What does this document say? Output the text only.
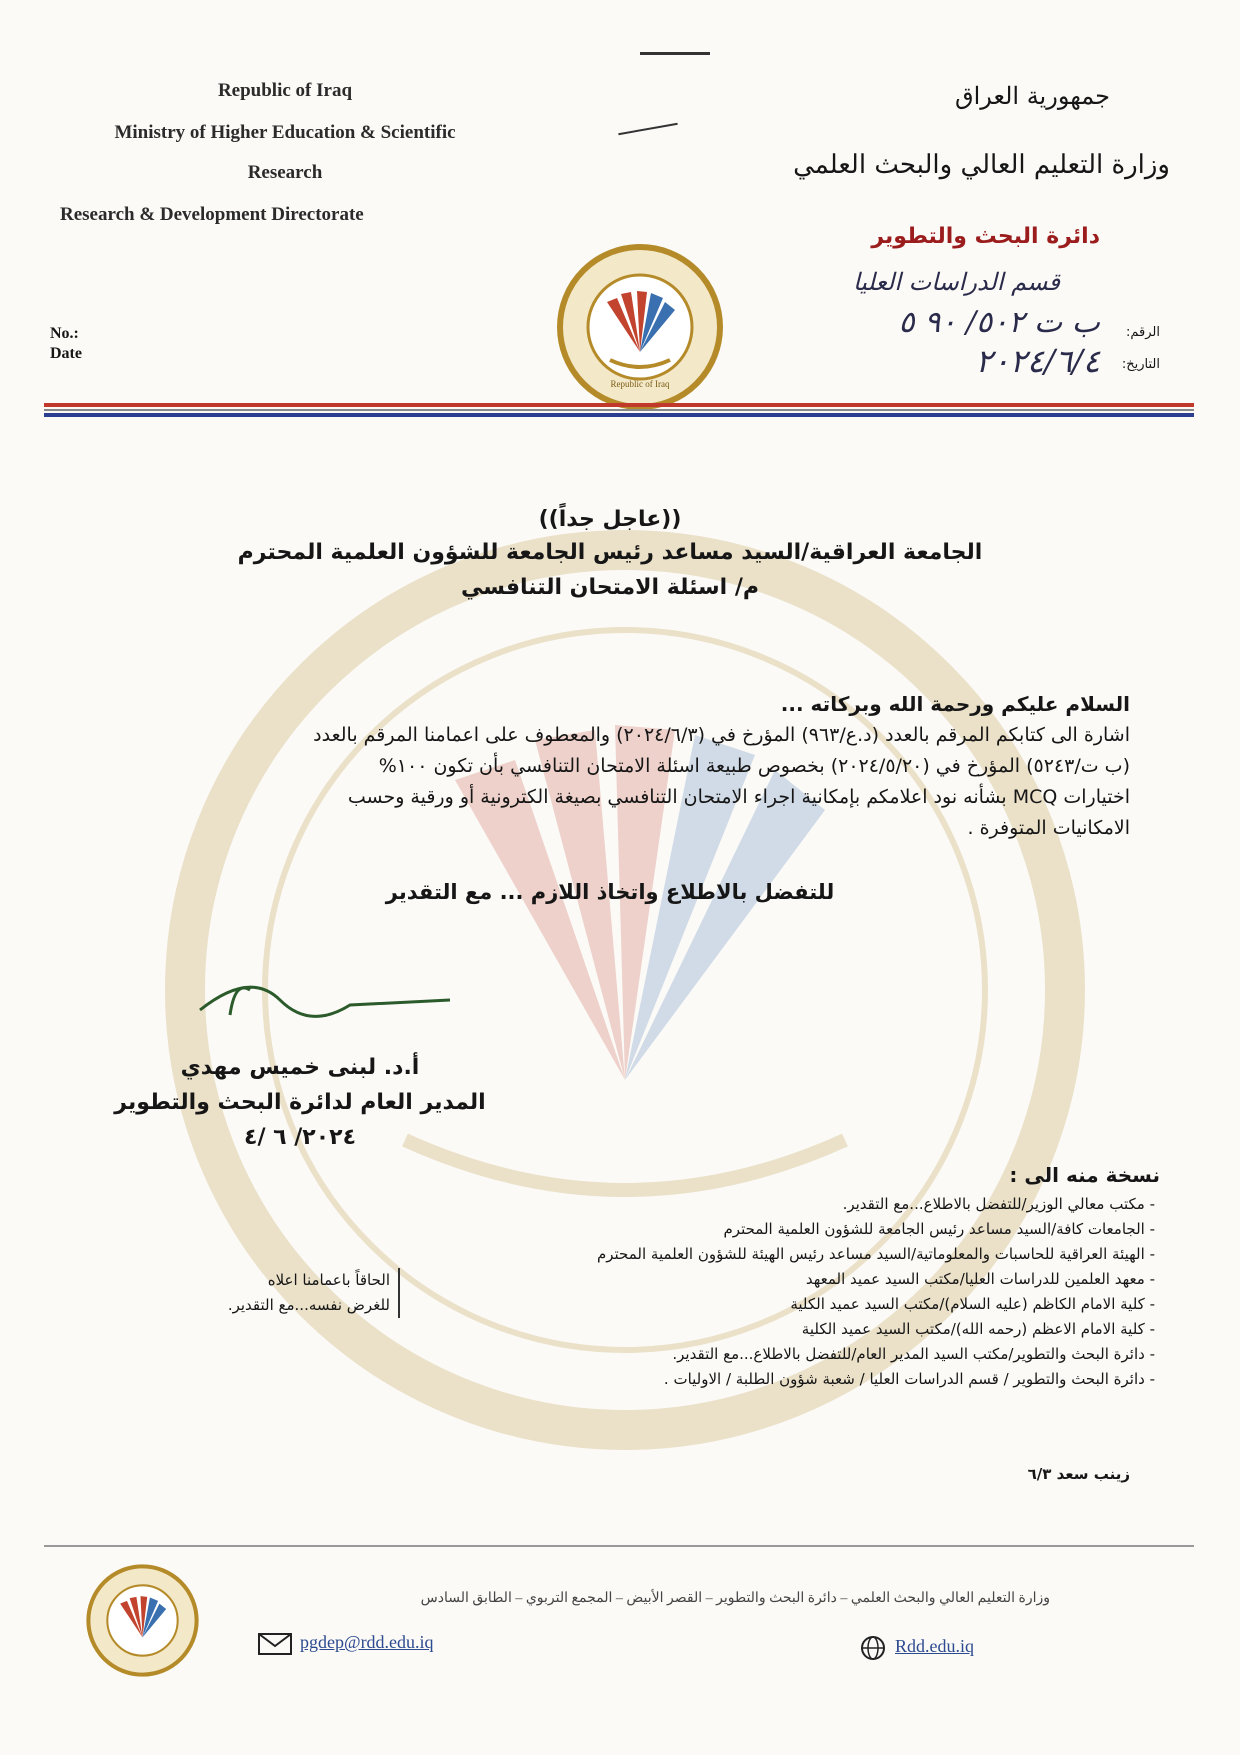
Republic of Iraq
Ministry of Higher Education & Scientific
Research
Research & Development Directorate
No.:
Date
Republic of Iraq
جمهورية العراق
وزارة التعليم العالي والبحث العلمي
دائرة البحث والتطوير
قسم الدراسات العليا
الرقم:
ب ت ٥٠٢/ ٩٠ ٥
التاريخ:
٢٠٢٤/٦/٤
((عاجل جداً))
الجامعة العراقية/السيد مساعد رئيس الجامعة للشؤون العلمية المحترم
م/ اسئلة الامتحان التنافسي
السلام عليكم ورحمة الله وبركاته ...
اشارة الى كتابكم المرقم بالعدد (د.ع/٩٦٣) المؤرخ في (٢٠٢٤/٦/٣) والمعطوف على اعمامنا المرقم بالعدد
(ب ت/٥٢٤٣) المؤرخ في (٢٠٢٤/٥/٢٠) بخصوص طبيعة اسئلة الامتحان التنافسي بأن تكون ١٠٠%
اختيارات MCQ بشأنه نود اعلامكم بإمكانية اجراء الامتحان التنافسي بصيغة الكترونية أو ورقية وحسب
الامكانيات المتوفرة .
للتفضل بالاطلاع واتخاذ اللازم ... مع التقدير
أ.د. لبنى خميس مهدي
المدير العام لدائرة البحث والتطوير
٢٠٢٤/ ٦ /٤
نسخة منه الى :
- مكتب معالي الوزير/للتفضل بالاطلاع...مع التقدير.
- الجامعات كافة/السيد مساعد رئيس الجامعة للشؤون العلمية المحترم
- الهيئة العراقية للحاسبات والمعلوماتية/السيد مساعد رئيس الهيئة للشؤون العلمية المحترم
- معهد العلمين للدراسات العليا/مكتب السيد عميد المعهد
- كلية الامام الكاظم (عليه السلام)/مكتب السيد عميد الكلية
- كلية الامام الاعظم (رحمه الله)/مكتب السيد عميد الكلية
- دائرة البحث والتطوير/مكتب السيد المدير العام/للتفضل بالاطلاع...مع التقدير.
- دائرة البحث والتطوير / قسم الدراسات العليا / شعبة شؤون الطلبة / الاوليات .
الحاقاً باعمامنا اعلاه
للغرض نفسه...مع التقدير.
زينب سعد ٦/٣
وزارة التعليم العالي والبحث العلمي – دائرة البحث والتطوير – القصر الأبيض – المجمع التربوي – الطابق السادس
pgdep@rdd.edu.iq	Rdd.edu.iq
